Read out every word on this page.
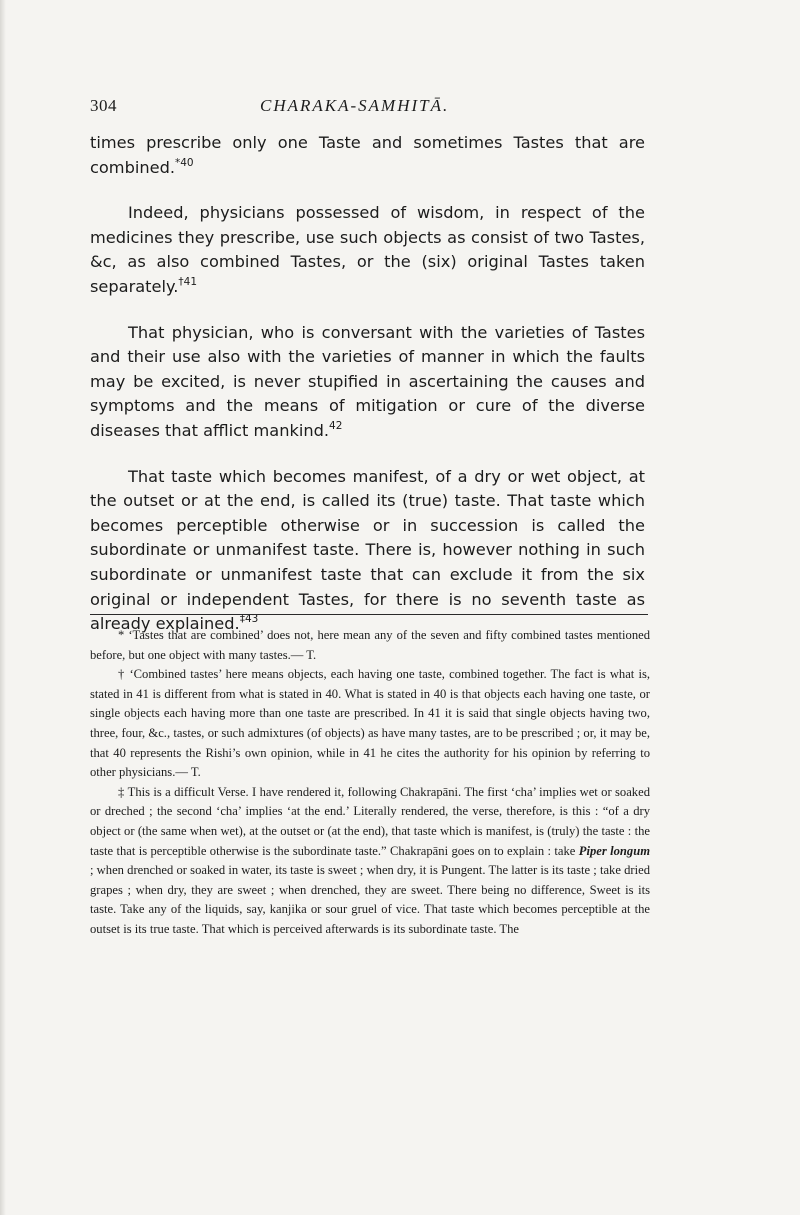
304	CHARAKA-SAMHITĀ.

times prescribe only one Taste and sometimes Tastes that are combined.$^{*40}$

Indeed, physicians possessed of wisdom, in respect of the medicines they prescribe, use such objects as consist of two Tastes, &c, as also combined Tastes, or the (six) original Tastes taken separately.$^{\dagger 41}$

That physician, who is conversant with the varieties of Tastes and their use also with the varieties of manner in which the faults may be excited, is never stupified in ascertaining the causes and symptoms and the means of mitigation or cure of the diverse diseases that afflict mankind.$^{42}$

That taste which becomes manifest, of a dry or wet object, at the outset or at the end, is called its (true) taste. That taste which becomes perceptible otherwise or in succession is called the subordinate or unmanifest taste. There is, however nothing in such subordinate or unmanifest taste that can exclude it from the six original or independent Tastes, for there is no seventh taste as already explained.$^{\ddagger 43}$

* ‘Tastes that are combined’ does not, here mean any of the seven and fifty combined tastes mentioned before, but one object with many tastes.— T.

† ‘Combined tastes’ here means objects, each having one taste, combined together. The fact is what is, stated in 41 is different from what is stated in 40. What is stated in 40 is that objects each having one taste, or single objects each having more than one taste are prescribed. In 41 it is said that single objects having two, three, four, &c., tastes, or such admixtures (of objects) as have many tastes, are to be prescribed ; or, it may be, that 40 represents the Rishi’s own opinion, while in 41 he cites the authority for his opinion by referring to other physicians.— T.

‡ This is a difficult Verse. I have rendered it, following Chakrapāni. The first ‘cha’ implies wet or soaked or dreched ; the second ‘cha’ implies ‘at the end.’ Literally rendered, the verse, therefore, is this : “of a dry object or (the same when wet), at the outset or (at the end), that taste which is manifest, is (truly) the taste : the taste that is perceptible otherwise is the subordinate taste.” Chakrapāni goes on to explain : take Piper longum ; when drenched or soaked in water, its taste is sweet ; when dry, it is Pungent. The latter is its taste ; take dried grapes ; when dry, they are sweet ; when drenched, they are sweet. There being no difference, Sweet is its taste. Take any of the liquids, say, kanjika or sour gruel of vice. That taste which becomes perceptible at the outset is its true taste. That which is perceived afterwards is its subordinate taste. The
